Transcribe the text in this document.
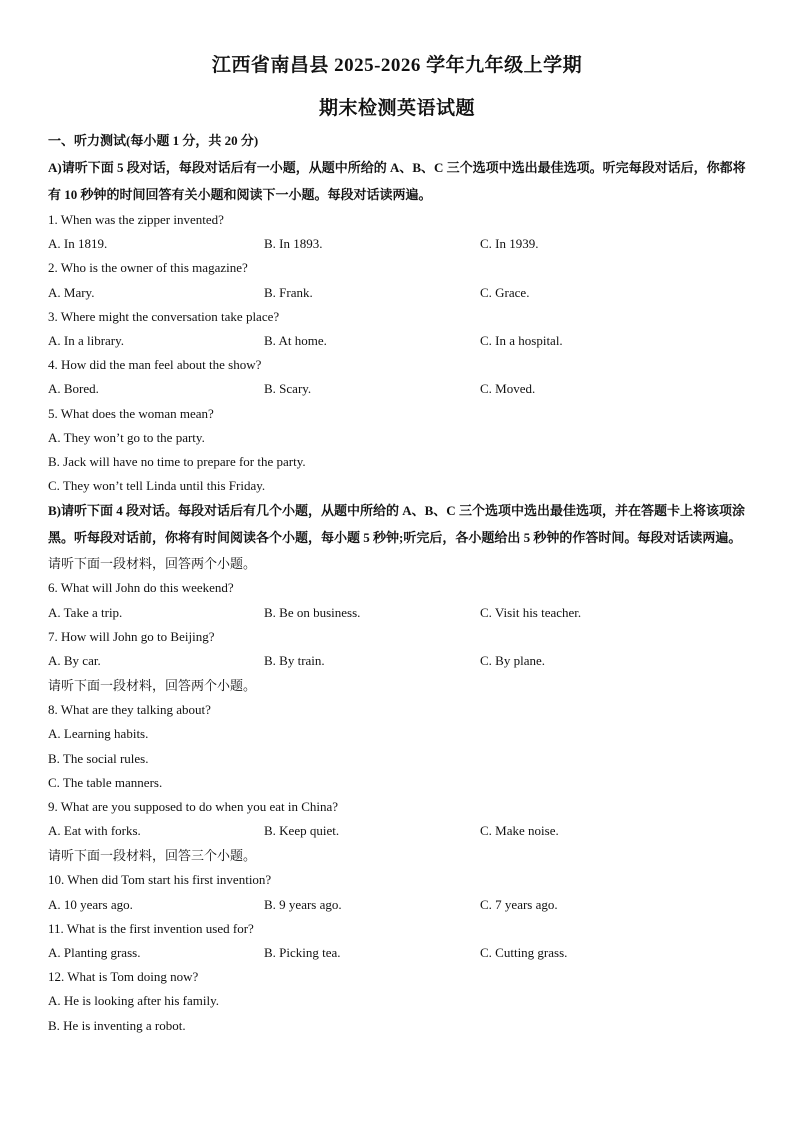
江西省南昌县 2025-2026 学年九年级上学期
期末检测英语试题
一、听力测试(每小题 1 分，共 20 分)
A)请听下面 5 段对话，每段对话后有一小题，从题中所给的 A、B、C 三个选项中选出最佳选项。听完每段对话后，你都将有 10 秒钟的时间回答有关小题和阅读下一小题。每段对话读两遍。
1. When was the zipper invented?
A. In 1819.	B. In 1893.	C. In 1939.
2. Who is the owner of this magazine?
A. Mary.	B. Frank.	C. Grace.
3. Where might the conversation take place?
A. In a library.	B. At home.	C. In a hospital.
4. How did the man feel about the show?
A. Bored.	B. Scary.	C. Moved.
5. What does the woman mean?
A. They won’t go to the party.
B. Jack will have no time to prepare for the party.
C. They won’t tell Linda until this Friday.
B)请听下面 4 段对话。每段对话后有几个小题，从题中所给的 A、B、C 三个选项中选出最佳选项，并在答题卡上将该项涂黑。听每段对话前，你将有时间阅读各个小题，每小题 5 秒钟;听完后，各小题给出 5 秒钟的作答时间。每段对话读两遍。
请听下面一段材料，回答两个小题。
6. What will John do this weekend?
A. Take a trip.	B. Be on business.	C. Visit his teacher.
7. How will John go to Beijing?
A. By car.	B. By train.	C. By plane.
请听下面一段材料，回答两个小题。
8. What are they talking about?
A. Learning habits.
B. The social rules.
C. The table manners.
9. What are you supposed to do when you eat in China?
A. Eat with forks.	B. Keep quiet.	C. Make noise.
请听下面一段材料，回答三个小题。
10. When did Tom start his first invention?
A. 10 years ago.	B. 9 years ago.	C. 7 years ago.
11. What is the first invention used for?
A. Planting grass.	B. Picking tea.	C. Cutting grass.
12. What is Tom doing now?
A. He is looking after his family.
B. He is inventing a robot.
